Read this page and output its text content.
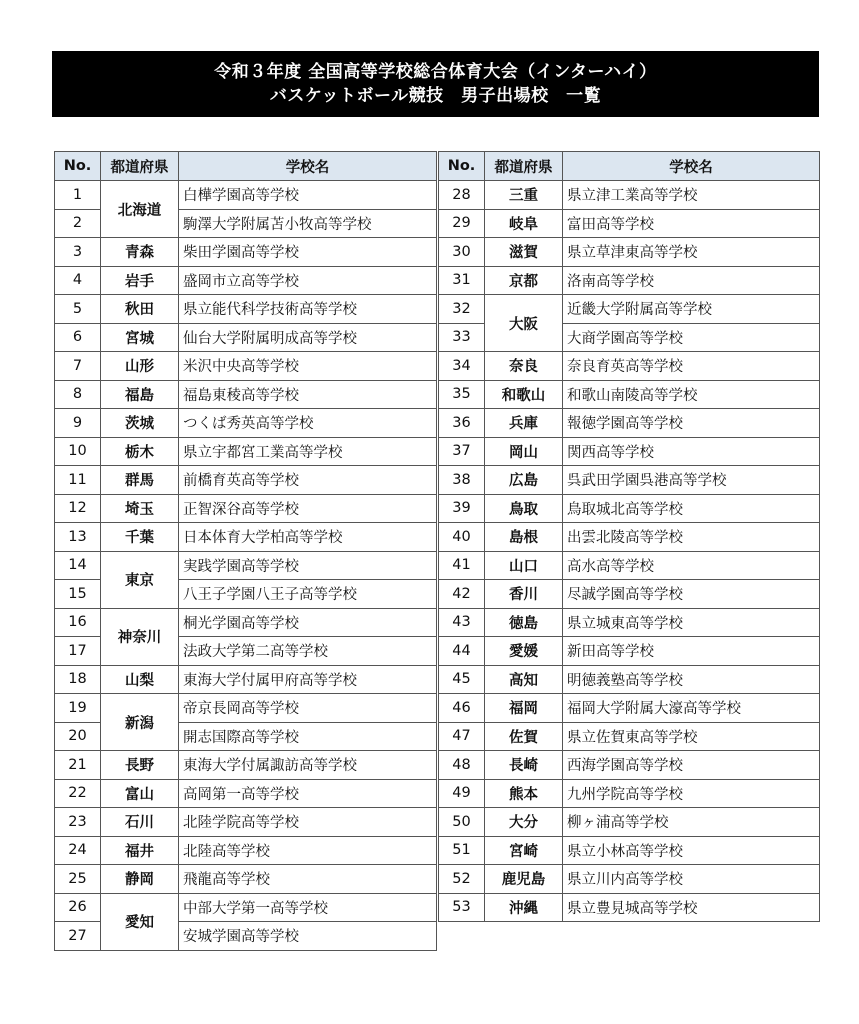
令和３年度 全国高等学校総合体育大会（インターハイ）
バスケットボール競技　男子出場校　一覧
No.	都道府県	学校名
1	北海道	白樺学園高等学校
2		駒澤大学附属苫小牧高等学校
3	青森	柴田学園高等学校
4	岩手	盛岡市立高等学校
5	秋田	県立能代科学技術高等学校
6	宮城	仙台大学附属明成高等学校
7	山形	米沢中央高等学校
8	福島	福島東稜高等学校
9	茨城	つくば秀英高等学校
10	栃木	県立宇都宮工業高等学校
11	群馬	前橋育英高等学校
12	埼玉	正智深谷高等学校
13	千葉	日本体育大学柏高等学校
14	東京	実践学園高等学校
15		八王子学園八王子高等学校
16	神奈川	桐光学園高等学校
17		法政大学第二高等学校
18	山梨	東海大学付属甲府高等学校
19	新潟	帝京長岡高等学校
20		開志国際高等学校
21	長野	東海大学付属諏訪高等学校
22	富山	高岡第一高等学校
23	石川	北陸学院高等学校
24	福井	北陸高等学校
25	静岡	飛龍高等学校
26	愛知	中部大学第一高等学校
27		安城学園高等学校
No.	都道府県	学校名
28	三重	県立津工業高等学校
29	岐阜	富田高等学校
30	滋賀	県立草津東高等学校
31	京都	洛南高等学校
32	大阪	近畿大学附属高等学校
33		大商学園高等学校
34	奈良	奈良育英高等学校
35	和歌山	和歌山南陵高等学校
36	兵庫	報徳学園高等学校
37	岡山	関西高等学校
38	広島	呉武田学園呉港高等学校
39	鳥取	鳥取城北高等学校
40	島根	出雲北陵高等学校
41	山口	高水高等学校
42	香川	尽誠学園高等学校
43	徳島	県立城東高等学校
44	愛媛	新田高等学校
45	高知	明徳義塾高等学校
46	福岡	福岡大学附属大濠高等学校
47	佐賀	県立佐賀東高等学校
48	長崎	西海学園高等学校
49	熊本	九州学院高等学校
50	大分	柳ヶ浦高等学校
51	宮崎	県立小林高等学校
52	鹿児島	県立川内高等学校
53	沖縄	県立豊見城高等学校
